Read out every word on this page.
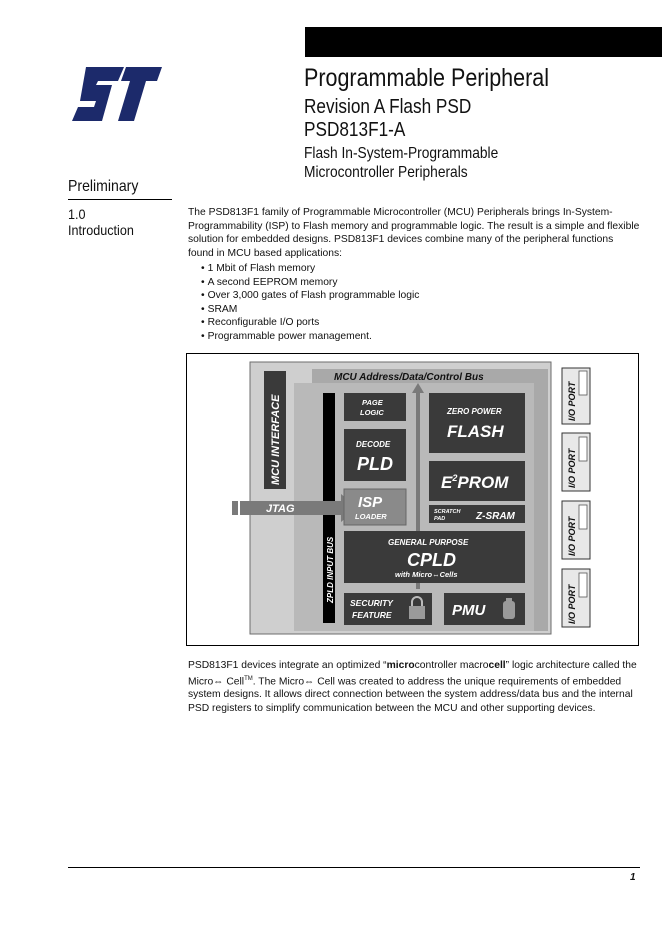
Programmable Peripheral
Revision A Flash PSD
PSD813F1-A
Flash In-System-Programmable
Microcontroller Peripherals
Preliminary
1.0
Introduction
The PSD813F1 family of Programmable Microcontroller (MCU) Peripherals brings In-System-Programmability (ISP) to Flash memory and programmable logic. The result is a simple and flexible solution for embedded designs. PSD813F1 devices combine many of the peripheral functions found in MCU based applications:
• 1 Mbit of Flash memory
• A second EEPROM memory
• Over 3,000 gates of Flash programmable logic
• SRAM
• Reconfigurable I/O ports
• Programmable power management.
MCU Address/Data/Control Bus
MCU INTERFACE
ZPLD INPUT BUS
PAGE
LOGIC
DECODE
PLD
JTAG	ISP
LOADER
ZERO POWER
FLASH
$E^2PROM$
SCRATCH
PAD	Z-SRAM
GENERAL PURPOSE
CPLD
with Micro⇔Cells
SECURITY
FEATURE	PMU
I/O PORT
I/O PORT
I/O PORT
I/O PORT
PSD813F1 devices integrate an optimized “microcontroller macrocell” logic architecture called the Micro⇔ Cell™. The Micro⇔ Cell was created to address the unique requirements of embedded system designs. It allows direct connection between the system address/data bus and the internal PSD registers to simplify communication between the MCU and other supporting devices.
1
